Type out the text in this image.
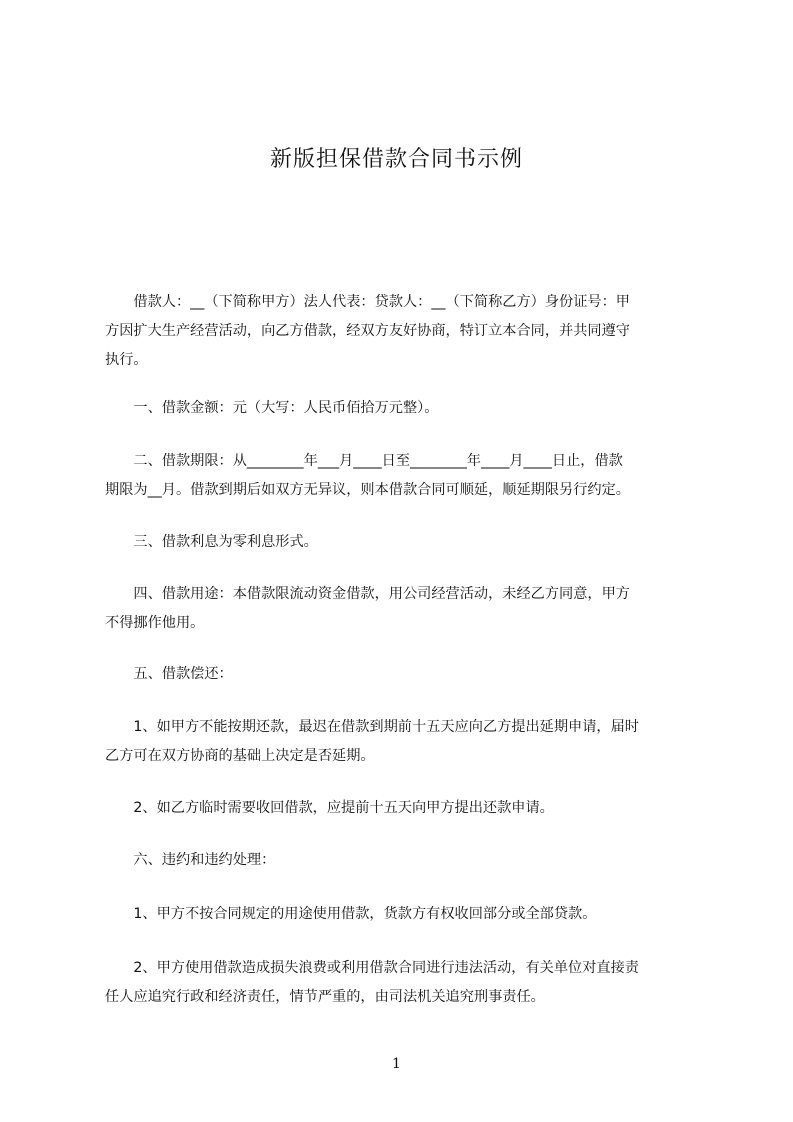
新版担保借款合同书示例

　　借款人：__（下简称甲方）法人代表：贷款人：__（下简称乙方）身份证号：甲
方因扩大生产经营活动，向乙方借款，经双方友好协商，特订立本合同，并共同遵守
执行。

　　一、借款金额：元（大写：人民币佰拾万元整）。

　　二、借款期限：从________年___月____日至________年____月____日止，借款
期限为__月。借款到期后如双方无异议，则本借款合同可顺延，顺延期限另行约定。

　　三、借款利息为零利息形式。

　　四、借款用途：本借款限流动资金借款，用公司经营活动，未经乙方同意，甲方
不得挪作他用。

　　五、借款偿还：

　　1、如甲方不能按期还款，最迟在借款到期前十五天应向乙方提出延期申请，届时
乙方可在双方协商的基础上决定是否延期。

　　2、如乙方临时需要收回借款，应提前十五天向甲方提出还款申请。

　　六、违约和违约处理：

　　1、甲方不按合同规定的用途使用借款，货款方有权收回部分或全部贷款。

　　2、甲方使用借款造成损失浪费或利用借款合同进行违法活动，有关单位对直接责
任人应追究行政和经济责任，情节严重的，由司法机关追究刑事责任。

1
